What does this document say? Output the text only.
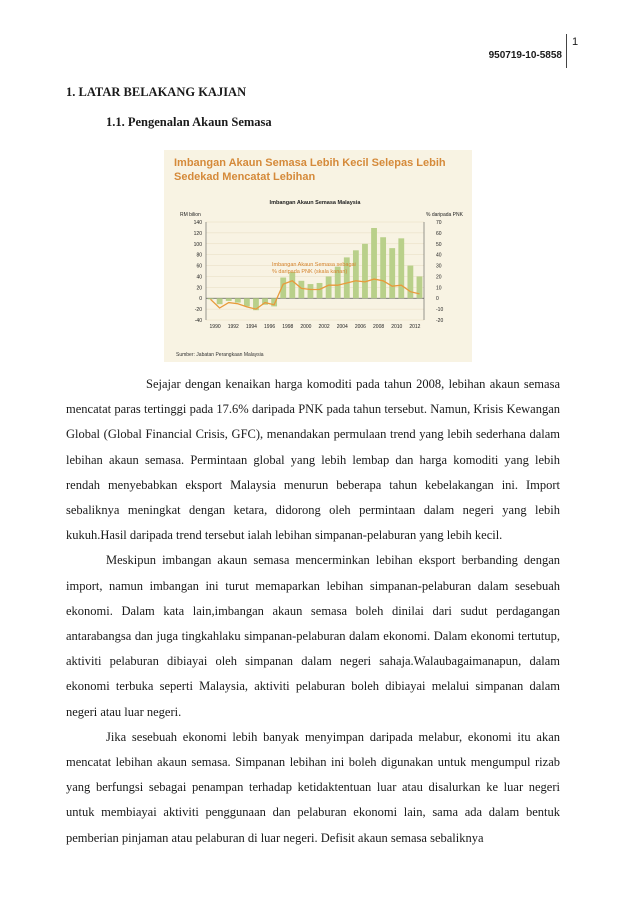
950719-10-5858
1
1. LATAR BELAKANG KAJIAN
1.1. Pengenalan Akaun Semasa
Imbangan Akaun Semasa Lebih Kecil Selepas Lebih Sedekad Mencatat Lebihan
Imbangan Akaun Semasa Malaysia
RM bilion	% daripada PNK
140
120
100
80
60
40
20
0
-20
-40
70
60
50
40
30
20
10
0
-10
-20
Imbangan Akaun Semasa sebagai
% daripada PNK (skala kanan)
1990 1992 1994 1996 1998 2000 2002 2004 2006 2008 2010 2012
Sumber: Jabatan Perangkaan Malaysia

Sejajar dengan kenaikan harga komoditi pada tahun 2008, lebihan akaun semasa mencatat paras tertinggi pada 17.6% daripada PNK pada tahun tersebut. Namun, Krisis Kewangan Global (Global Financial Crisis, GFC), menandakan permulaan trend yang lebih sederhana dalam lebihan akaun semasa. Permintaan global yang lebih lembap dan harga komoditi yang lebih rendah menyebabkan eksport Malaysia menurun beberapa tahun kebelakangan ini. Import sebaliknya meningkat dengan ketara, didorong oleh permintaan dalam negeri yang lebih kukuh.Hasil daripada trend tersebut ialah lebihan simpanan-pelaburan yang lebih kecil.

Meskipun imbangan akaun semasa mencerminkan lebihan eksport berbanding dengan import, namun imbangan ini turut memaparkan lebihan simpanan-pelaburan dalam sesebuah ekonomi. Dalam kata lain,imbangan akaun semasa boleh dinilai dari sudut perdagangan antarabangsa dan juga tingkahlaku simpanan-pelaburan dalam ekonomi. Dalam ekonomi tertutup, aktiviti pelaburan dibiayai oleh simpanan dalam negeri sahaja.Walaubagaimanapun, dalam ekonomi terbuka seperti Malaysia, aktiviti pelaburan boleh dibiayai melalui simpanan dalam negeri atau luar negeri.

Jika sesebuah ekonomi lebih banyak menyimpan daripada melabur, ekonomi itu akan mencatat lebihan akaun semasa. Simpanan lebihan ini boleh digunakan untuk mengumpul rizab yang berfungsi sebagai penampan terhadap ketidaktentuan luar atau disalurkan ke luar negeri untuk membiayai aktiviti penggunaan dan pelaburan ekonomi lain, sama ada dalam bentuk pemberian pinjaman atau pelaburan di luar negeri. Defisit akaun semasa sebaliknya
